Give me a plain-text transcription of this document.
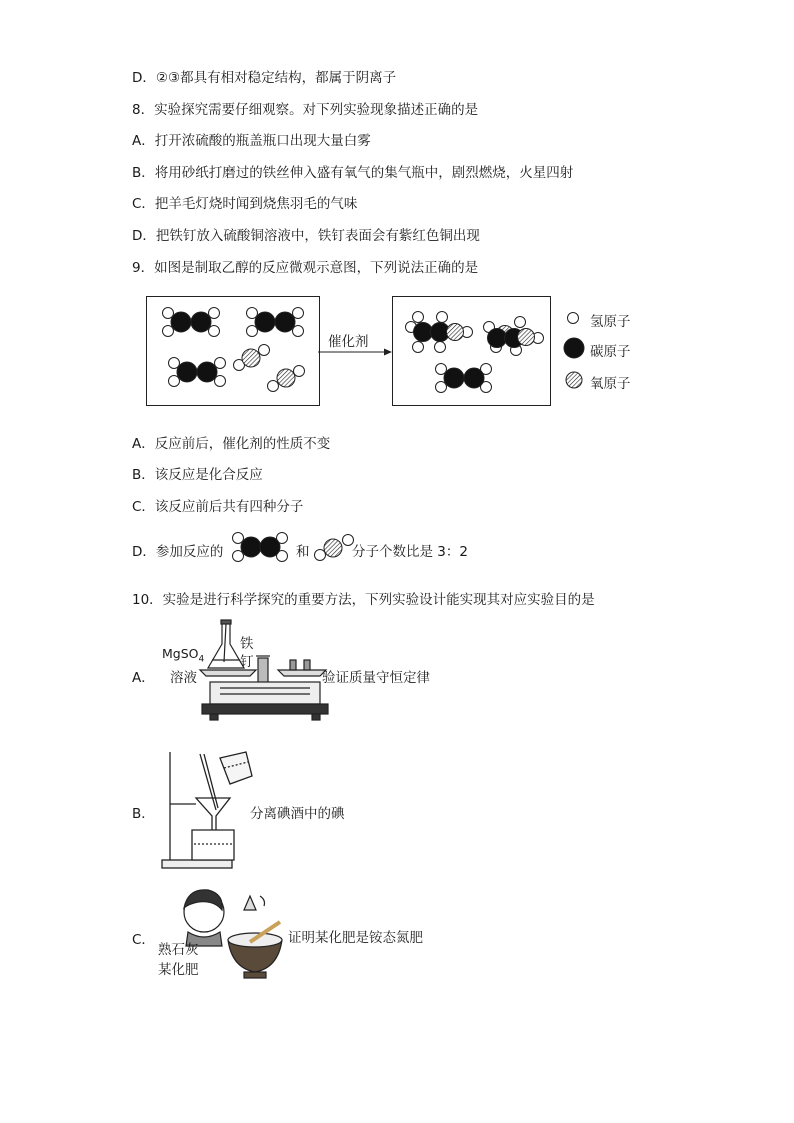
D．②③都具有相对稳定结构，都属于阴离子
8．实验探究需要仔细观察。对下列实验现象描述正确的是
A．打开浓硫酸的瓶盖瓶口出现大量白雾
B．将用砂纸打磨过的铁丝伸入盛有氧气的集气瓶中，剧烈燃烧，火星四射
C．把羊毛灯烧时闻到烧焦羽毛的气味
D．把铁钉放入硫酸铜溶液中，铁钉表面会有紫红色铜出现
9．如图是制取乙醇的反应微观示意图，下列说法正确的是
催化剂
氢原子
碳原子
氧原子
A．反应前后，催化剂的性质不变
B．该反应是化合反应
C．该反应前后共有四种分子
D．参加反应的	和	分子个数比是 3：2
10．实验是进行科学探究的重要方法，下列实验设计能实现其对应实验目的是
A．
MgSO$_4$
溶液
铁
钉
验证质量守恒定律
B．	分离碘酒中的碘
C．
熟石灰
某化肥
证明某化肥是铵态氮肥
